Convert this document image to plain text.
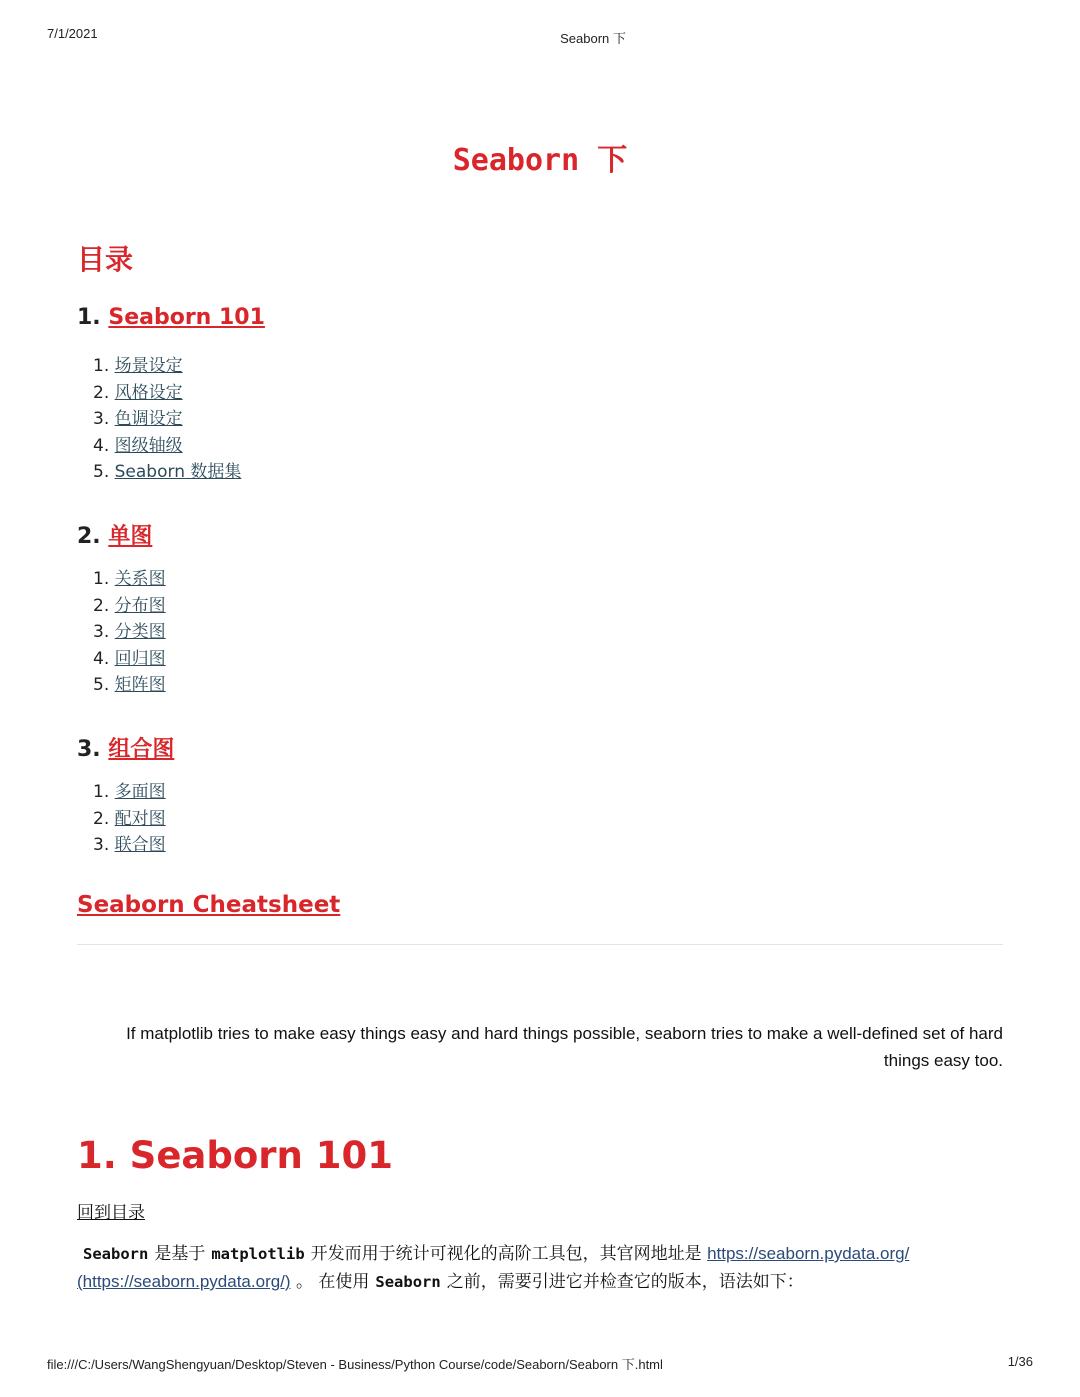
7/1/2021	Seaborn 下
Seaborn 下
目录
1. Seaborn 101
1. 场景设定
2. 风格设定
3. 色调设定
4. 图级轴级
5. Seaborn 数据集
2. 单图
1. 关系图
2. 分布图
3. 分类图
4. 回归图
5. 矩阵图
3. 组合图
1. 多面图
2. 配对图
3. 联合图
Seaborn Cheatsheet
If matplotlib tries to make easy things easy and hard things possible, seaborn tries to make a well-defined set of hard things easy too.
1. Seaborn 101
回到目录
Seaborn 是基于 matplotlib 开发而用于统计可视化的高阶工具包，其官网地址是 https://seaborn.pydata.org/ (https://seaborn.pydata.org/) 。 在使用 Seaborn 之前，需要引进它并检查它的版本，语法如下：
file:///C:/Users/WangShengyuan/Desktop/Steven - Business/Python Course/code/Seaborn/Seaborn 下.html	1/36
